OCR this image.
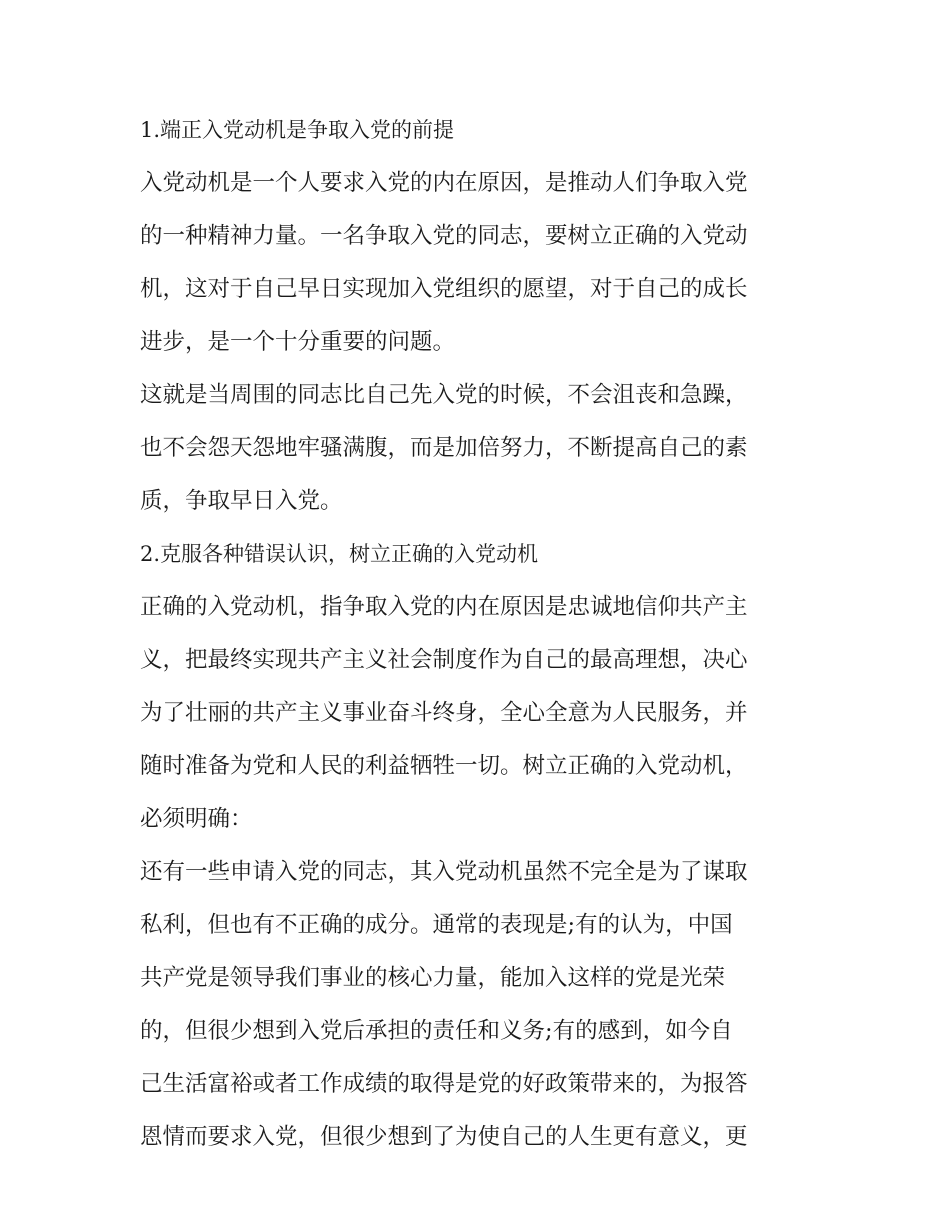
1.端正入党动机是争取入党的前提
入党动机是一个人要求入党的内在原因，是推动人们争取入党
的一种精神力量。一名争取入党的同志，要树立正确的入党动
机，这对于自己早日实现加入党组织的愿望，对于自己的成长
进步，是一个十分重要的问题。
这就是当周围的同志比自己先入党的时候，不会沮丧和急躁，
也不会怨天怨地牢骚满腹，而是加倍努力，不断提高自己的素
质，争取早日入党。
2.克服各种错误认识，树立正确的入党动机
正确的入党动机，指争取入党的内在原因是忠诚地信仰共产主
义，把最终实现共产主义社会制度作为自己的最高理想，决心
为了壮丽的共产主义事业奋斗终身，全心全意为人民服务，并
随时准备为党和人民的利益牺牲一切。树立正确的入党动机，
必须明确：
还有一些申请入党的同志，其入党动机虽然不完全是为了谋取
私利，但也有不正确的成分。通常的表现是;有的认为，中国
共产党是领导我们事业的核心力量，能加入这样的党是光荣
的，但很少想到入党后承担的责任和义务;有的感到，如今自
己生活富裕或者工作成绩的取得是党的好政策带来的，为报答
恩情而要求入党，但很少想到了为使自己的人生更有意义，更
